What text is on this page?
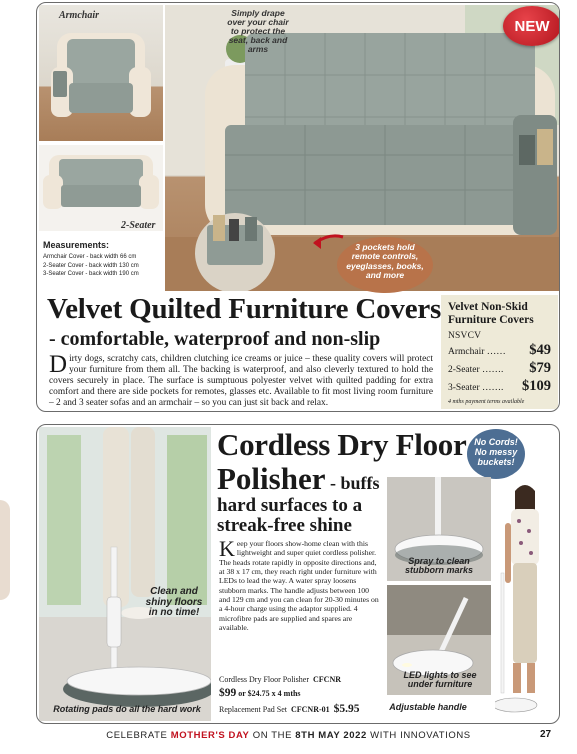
Armchair
2-Seater
Simply drape over your chair to protect the seat, back and arms
NEW
Measurements:
Armchair Cover - back width 66 cm
2-Seater Cover - back width 130 cm
3-Seater Cover - back width 190 cm
3 pockets hold remote controls, eyeglasses, books, and more
Velvet Quilted Furniture Covers
- comfortable, waterproof and non-slip
Dirty dogs, scratchy cats, children clutching ice creams or juice – these quality covers will protect your furniture from them all. The backing is waterproof, and also cleverly textured to hold the covers securely in place. The surface is sumptuous polyester velvet with quilted padding for extra comfort and there are side pockets for remotes, glasses etc. Available to fit most living room furniture – 2 and 3 seater sofas and an armchair – so you can just sit back and relax.
Velvet Non-Skid Furniture Covers
NSVCV
Armchair …… $49
2-Seater ……. $79
3-Seater ……. $109
4 mths payment terms available
Clean and shiny floors in no time!
Rotating pads do all the hard work
Cordless Dry Floor
Polisher - buffs
hard surfaces to a streak-free shine
No Cords! No messy buckets!
Spray to clean stubborn marks
LED lights to see under furniture
Adjustable handle
Keep your floors show-home clean with this lightweight and super quiet cordless polisher. The heads rotate rapidly in opposite directions and, at 38 x 17 cm, they reach right under furniture with LEDs to lead the way. A water spray loosens stubborn marks. The handle adjusts between 100 and 129 cm and you can clean for 20-30 minutes on a 4-hour charge using the adaptor supplied. 4 microfibre pads are supplied and spares are available.
Cordless Dry Floor Polisher CFCNR
$99 or $24.75 x 4 mths
Replacement Pad Set CFCNR-01 $5.95
CELEBRATE MOTHER'S DAY ON THE 8TH MAY 2022 WITH INNOVATIONS	27
